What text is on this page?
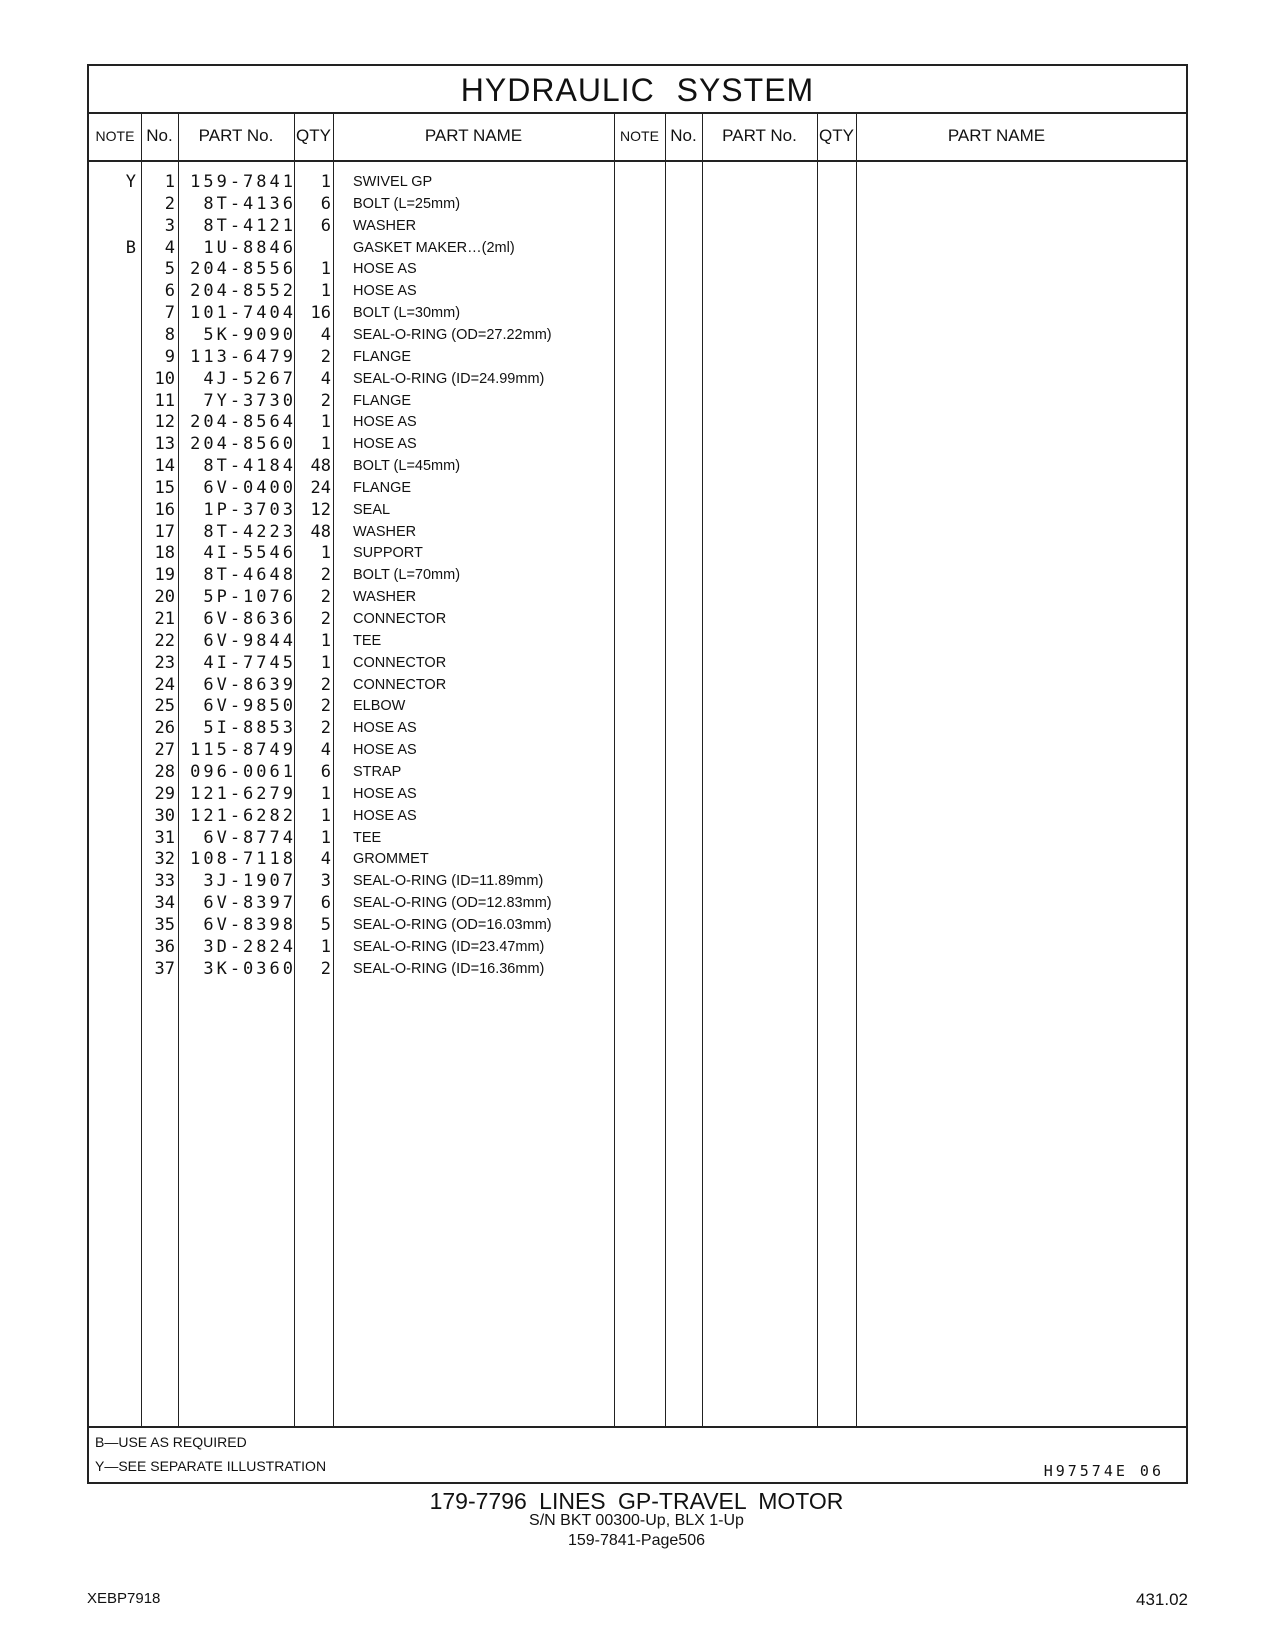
HYDRAULIC SYSTEM
NOTE No.	PART No.	QTY	PART NAME	NOTE No.	PART No.	QTY	PART NAME
Y	1 159-7841	1 SWIVEL GP
2	8T-4136	6 BOLT (L=25mm)
3	8T-4121	6 WASHER
B	4	1U-8846	GASKET MAKER…(2ml)
5 204-8556	1 HOSE AS
6 204-8552	1 HOSE AS
7 101-7404 16 BOLT (L=30mm)
8	5K-9090	4 SEAL-O-RING (OD=27.22mm)
9 113-6479	2 FLANGE
10	4J-5267	4 SEAL-O-RING (ID=24.99mm)
11	7Y-3730	2 FLANGE
12 204-8564	1 HOSE AS
13 204-8560	1 HOSE AS
14	8T-4184 48 BOLT (L=45mm)
15	6V-0400 24 FLANGE
16	1P-3703 12 SEAL
17	8T-4223 48 WASHER
18	4I-5546	1 SUPPORT
19	8T-4648	2 BOLT (L=70mm)
20	5P-1076	2 WASHER
21	6V-8636	2 CONNECTOR
22	6V-9844	1 TEE
23	4I-7745	1 CONNECTOR
24	6V-8639	2 CONNECTOR
25	6V-9850	2 ELBOW
26	5I-8853	2 HOSE AS
27 115-8749	4 HOSE AS
28 096-0061	6 STRAP
29 121-6279	1 HOSE AS
30 121-6282	1 HOSE AS
31	6V-8774	1 TEE
32 108-7118	4 GROMMET
33	3J-1907	3 SEAL-O-RING (ID=11.89mm)
34	6V-8397	6 SEAL-O-RING (OD=12.83mm)
35	6V-8398	5 SEAL-O-RING (OD=16.03mm)
36	3D-2824	1 SEAL-O-RING (ID=23.47mm)
37	3K-0360	2 SEAL-O-RING (ID=16.36mm)
B—USE AS REQUIRED
Y—SEE SEPARATE ILLUSTRATION	H97574E 06
179-7796 LINES GP-TRAVEL MOTOR
S/N BKT 00300-Up, BLX 1-Up
159-7841-Page506
XEBP7918	431.02
